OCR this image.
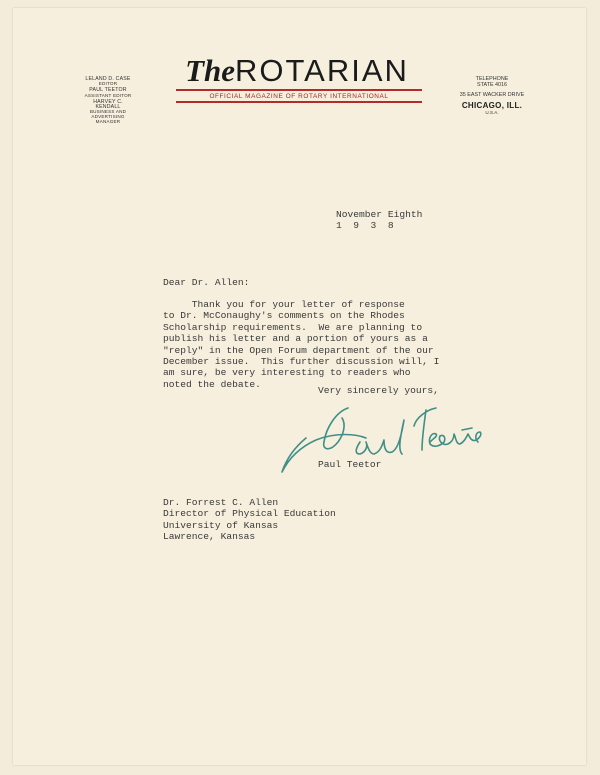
LELAND D. CASE
EDITOR
PAUL TEETOR
ASSISTANT EDITOR
HARVEY C. KENDALL
BUSINESS AND
ADVERTISING MANAGER
TheROTARIAN
OFFICIAL MAGAZINE OF ROTARY INTERNATIONAL
TELEPHONE
STATE 4016
35 EAST WACKER DRIVE
CHICAGO, ILL.
U.S.A.
November Eighth
1  9  3  8
Dear Dr. Allen:
Thank you for your letter of response
to Dr. McConaughy's comments on the Rhodes
Scholarship requirements.  We are planning to
publish his letter and a portion of yours as a
"reply" in the Open Forum department of the our
December issue.  This further discussion will, I
am sure, be very interesting to readers who
noted the debate.
Very sincerely yours,
Paul Teetor
Dr. Forrest C. Allen
Director of Physical Education
University of Kansas
Lawrence, Kansas
